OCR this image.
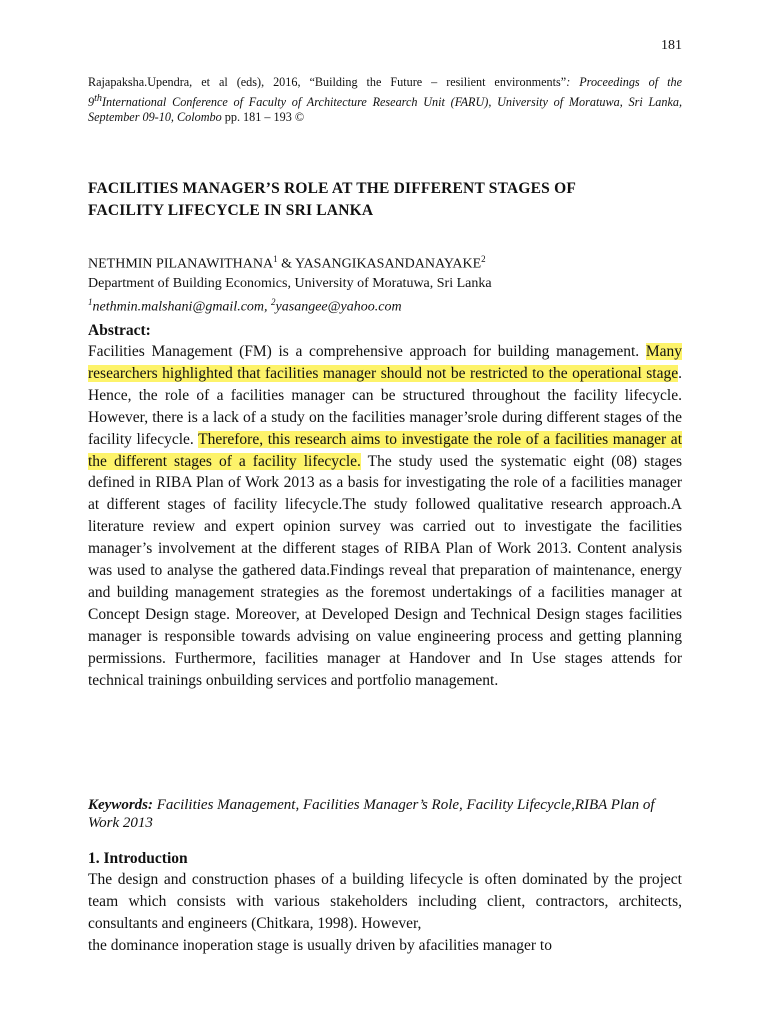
181
Rajapaksha.Upendra, et al (eds), 2016, “Building the Future – resilient environments”: Proceedings of the 9thInternational Conference of Faculty of Architecture Research Unit (FARU), University of Moratuwa, Sri Lanka, September 09-10, Colombo pp. 181 – 193 ©
FACILITIES MANAGER’S ROLE AT THE DIFFERENT STAGES OF
FACILITY LIFECYCLE IN SRI LANKA
NETHMIN PILANAWITHANA$^1$ & YASANGIKASANDANAYAKE$^2$
Department of Building Economics, University of Moratuwa, Sri Lanka
$^1$nethmin.malshani@gmail.com, $^2$yasangee@yahoo.com
Abstract:
Facilities Management (FM) is a comprehensive approach for building management. Many researchers highlighted that facilities manager should not be restricted to the operational stage. Hence, the role of a facilities manager can be structured throughout the facility lifecycle. However, there is a lack of a study on the facilities manager’srole during different stages of the facility lifecycle. Therefore, this research aims to investigate the role of a facilities manager at the different stages of a facility lifecycle. The study used the systematic eight (08) stages defined in RIBA Plan of Work 2013 as a basis for investigating the role of a facilities manager at different stages of facility lifecycle.The study followed qualitative research approach.A literature review and expert opinion survey was carried out to investigate the facilities manager’s involvement at the different stages of RIBA Plan of Work 2013. Content analysis was used to analyse the gathered data.Findings reveal that preparation of maintenance, energy and building management strategies as the foremost undertakings of a facilities manager at Concept Design stage. Moreover, at Developed Design and Technical Design stages facilities manager is responsible towards advising on value engineering process and getting planning permissions. Furthermore, facilities manager at Handover and In Use stages attends for technical trainings onbuilding services and portfolio management.
Keywords: Facilities Management, Facilities Manager’s Role, Facility Lifecycle,RIBA Plan of Work 2013
1. Introduction
The design and construction phases of a building lifecycle is often dominated by the project team which consists with various stakeholders including client, contractors, architects, consultants and engineers (Chitkara, 1998). However,
the dominance inoperation stage is usually driven by afacilities manager to
